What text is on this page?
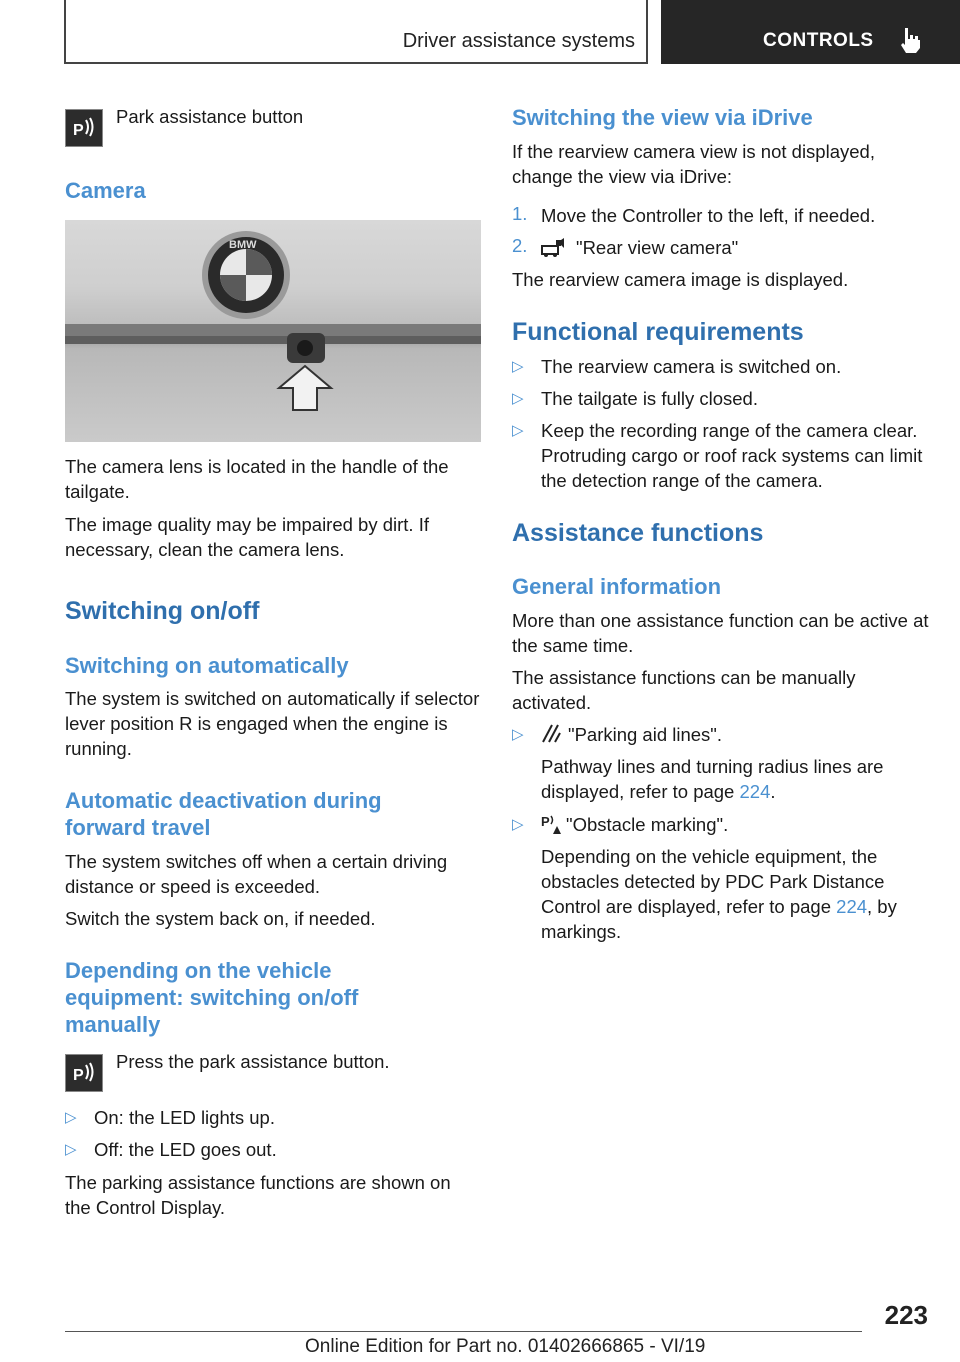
Driver assistance systems	CONTROLS
P

Park assistance button

Camera
BMW

The camera lens is located in the handle of the tailgate.

The image quality may be impaired by dirt. If necessary, clean the camera lens.

Switching on/off
Switching on automatically

The system is switched on automatically if selector lever position R is engaged when the engine is running.

Automatic deactivation during forward travel

The system switches off when a certain driving distance or speed is exceeded.

Switch the system back on, if needed.

Depending on the vehicle equipment: switching on/off manually
P

Press the park assistance button.

▷ On: the LED lights up.

▷ Off: the LED goes out.

The parking assistance functions are shown on the Control Display.

Switching the view via iDrive

If the rearview camera view is not displayed, change the view via iDrive:

1. Move the Controller to the left, if needed.

2.	"Rear view camera"

The rearview camera image is displayed.

Functional requirements
▷ The rearview camera is switched on.

▷ The tailgate is fully closed.

▷ Keep the recording range of the camera clear. Protruding cargo or roof rack systems can limit the detection range of the camera.

Assistance functions
General information

More than one assistance function can be active at the same time.

The assistance functions can be manually activated.

▷ "Parking aid lines".

Pathway lines and turning radius lines are displayed, refer to page 224.

▷ P "Obstacle marking".

Depending on the vehicle equipment, the obstacles detected by PDC Park Distance Control are displayed, refer to page 224, by markings.

223
Online Edition for Part no. 01402666865 - VI/19
